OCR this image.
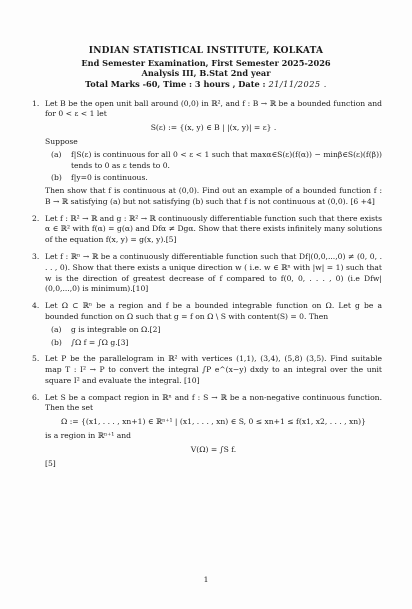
INDIAN STATISTICAL INSTITUTE, KOLKATA
End Semester Examination, First Semester 2025-2026
Analysis III, B.Stat 2nd year
Total Marks -60, Time : 3 hours , Date : 21/11/2025 .
1. Let B be the open unit ball around (0,0) in ℝ², and f : B → ℝ be a bounded function and for 0 < ε < 1 let

S(ε) := {(x, y) ∈ B | |(x, y)| = ε} .

Suppose

(a) f|S(ε) is continuous for all 0 < ε < 1 such that maxα∈S(ε)(f(α)) − minβ∈S(ε)(f(β)) tends to 0 as ε tends to 0.

(b) f|y=0 is continuous.

Then show that f is continuous at (0,0). Find out an example of a bounded function f : B → ℝ satisfying (a) but not satisfying (b) such that f is not continuous at (0,0). [6 +4]

2. Let f : ℝ² → ℝ and g : ℝ² → ℝ continuously differentiable function such that there exists α ∈ ℝ² with f(α) = g(α) and Dfα ≠ Dgα. Show that there exists infinitely many solutions of the equation f(x, y) = g(x, y).[5]

3. Let f : ℝⁿ → ℝ be a continuously differentiable function such that Df|(0,0,...,0) ≠ (0, 0, . . . , 0). Show that there exists a unique direction w ( i.e. w ∈ ℝⁿ with |w| = 1) such that w is the direction of greatest decrease of f compared to f(0, 0, . . . , 0) (i.e Dfw|(0,0,...,0) is minimum).[10]

4. Let Ω ⊂ ℝⁿ be a region and f be a bounded integrable function on Ω. Let g be a bounded function on Ω such that g = f on Ω \ S with content(S) = 0. Then

(a) g is integrable on Ω.[2]

(b) ∫Ω f = ∫Ω g.[3]

5. Let P be the parallelogram in ℝ² with vertices (1,1), (3,4), (5,8) (3,5). Find suitable map T : I² → P to convert the integral ∫P e^(x−y) dxdy to an integral over the unit square I² and evaluate the integral. [10]

6. Let S be a compact region in ℝⁿ and f : S → ℝ be a non-negative continuous function. Then the set

Ω := {(x1, . . . , xn+1) ∈ ℝⁿ⁺¹ | (x1, . . . , xn) ∈ S, 0 ≤ xn+1 ≤ f(x1, x2, . . . , xn)}

is a region in ℝⁿ⁺¹ and

V(Ω) = ∫S f.

[5]

1
